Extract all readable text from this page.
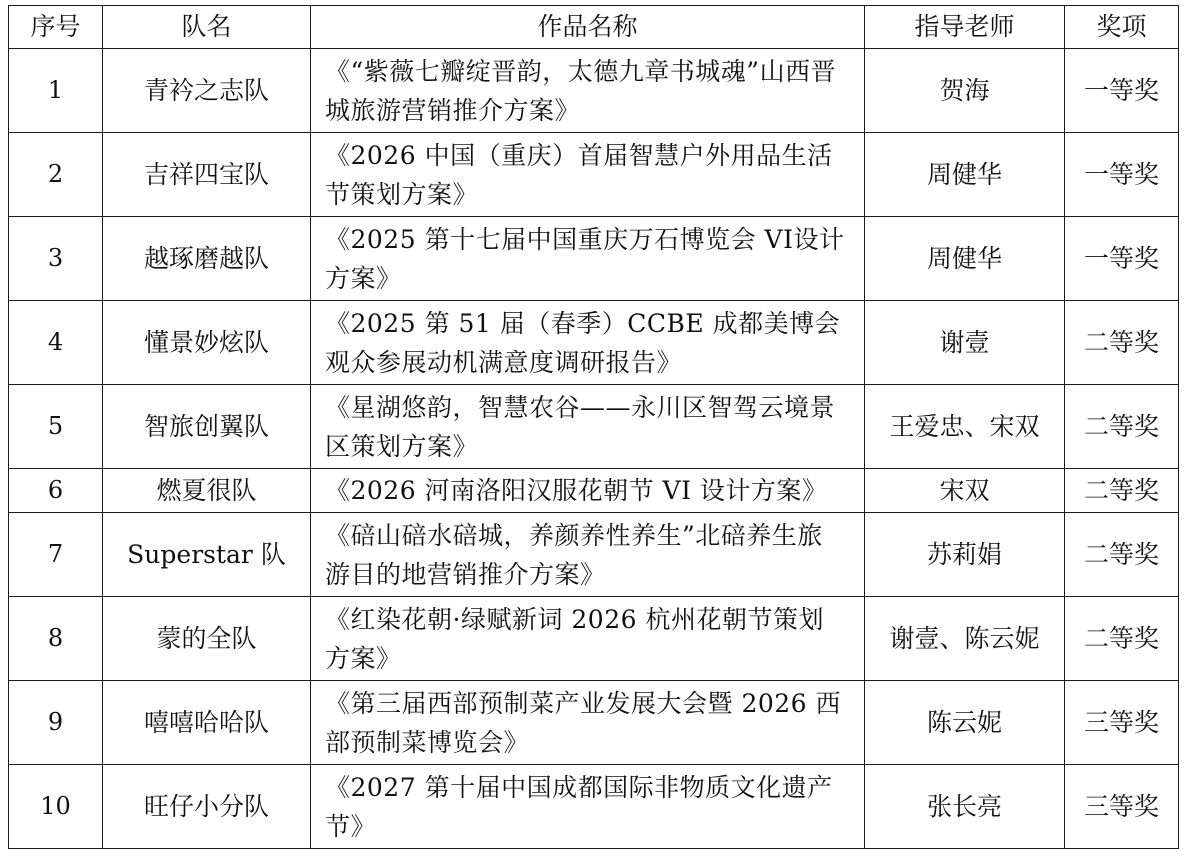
序号	队名	作品名称	指导老师	奖项
1	青衿之志队	《“紫薇七瓣绽晋韵，太德九章书城魂”山西晋城旅游营销推介方案》	贺海	一等奖
2	吉祥四宝队	《2026 中国（重庆）首届智慧户外用品生活节策划方案》	周健华	一等奖
3	越琢磨越队	《2025 第十七届中国重庆万石博览会 VI设计方案》	周健华	一等奖
4	懂景妙炫队	《2025 第 51 届（春季）CCBE 成都美博会观众参展动机满意度调研报告》	谢壹	二等奖
5	智旅创翼队	《星湖悠韵，智慧农谷——永川区智驾云境景区策划方案》	王爱忠、宋双	二等奖
6	燃夏很队	《2026 河南洛阳汉服花朝节 VI 设计方案》	宋双	二等奖
7	Superstar 队	《碚山碚水碚城，养颜养性养生”北碚养生旅游目的地营销推介方案》	苏莉娟	二等奖
8	蒙的全队	《红染花朝·绿赋新词 2026 杭州花朝节策划方案》	谢壹、陈云妮	二等奖
9	嘻嘻哈哈队	《第三届西部预制菜产业发展大会暨 2026 西部预制菜博览会》	陈云妮	三等奖
10	旺仔小分队	《2027 第十届中国成都国际非物质文化遗产节》	张长亮	三等奖
